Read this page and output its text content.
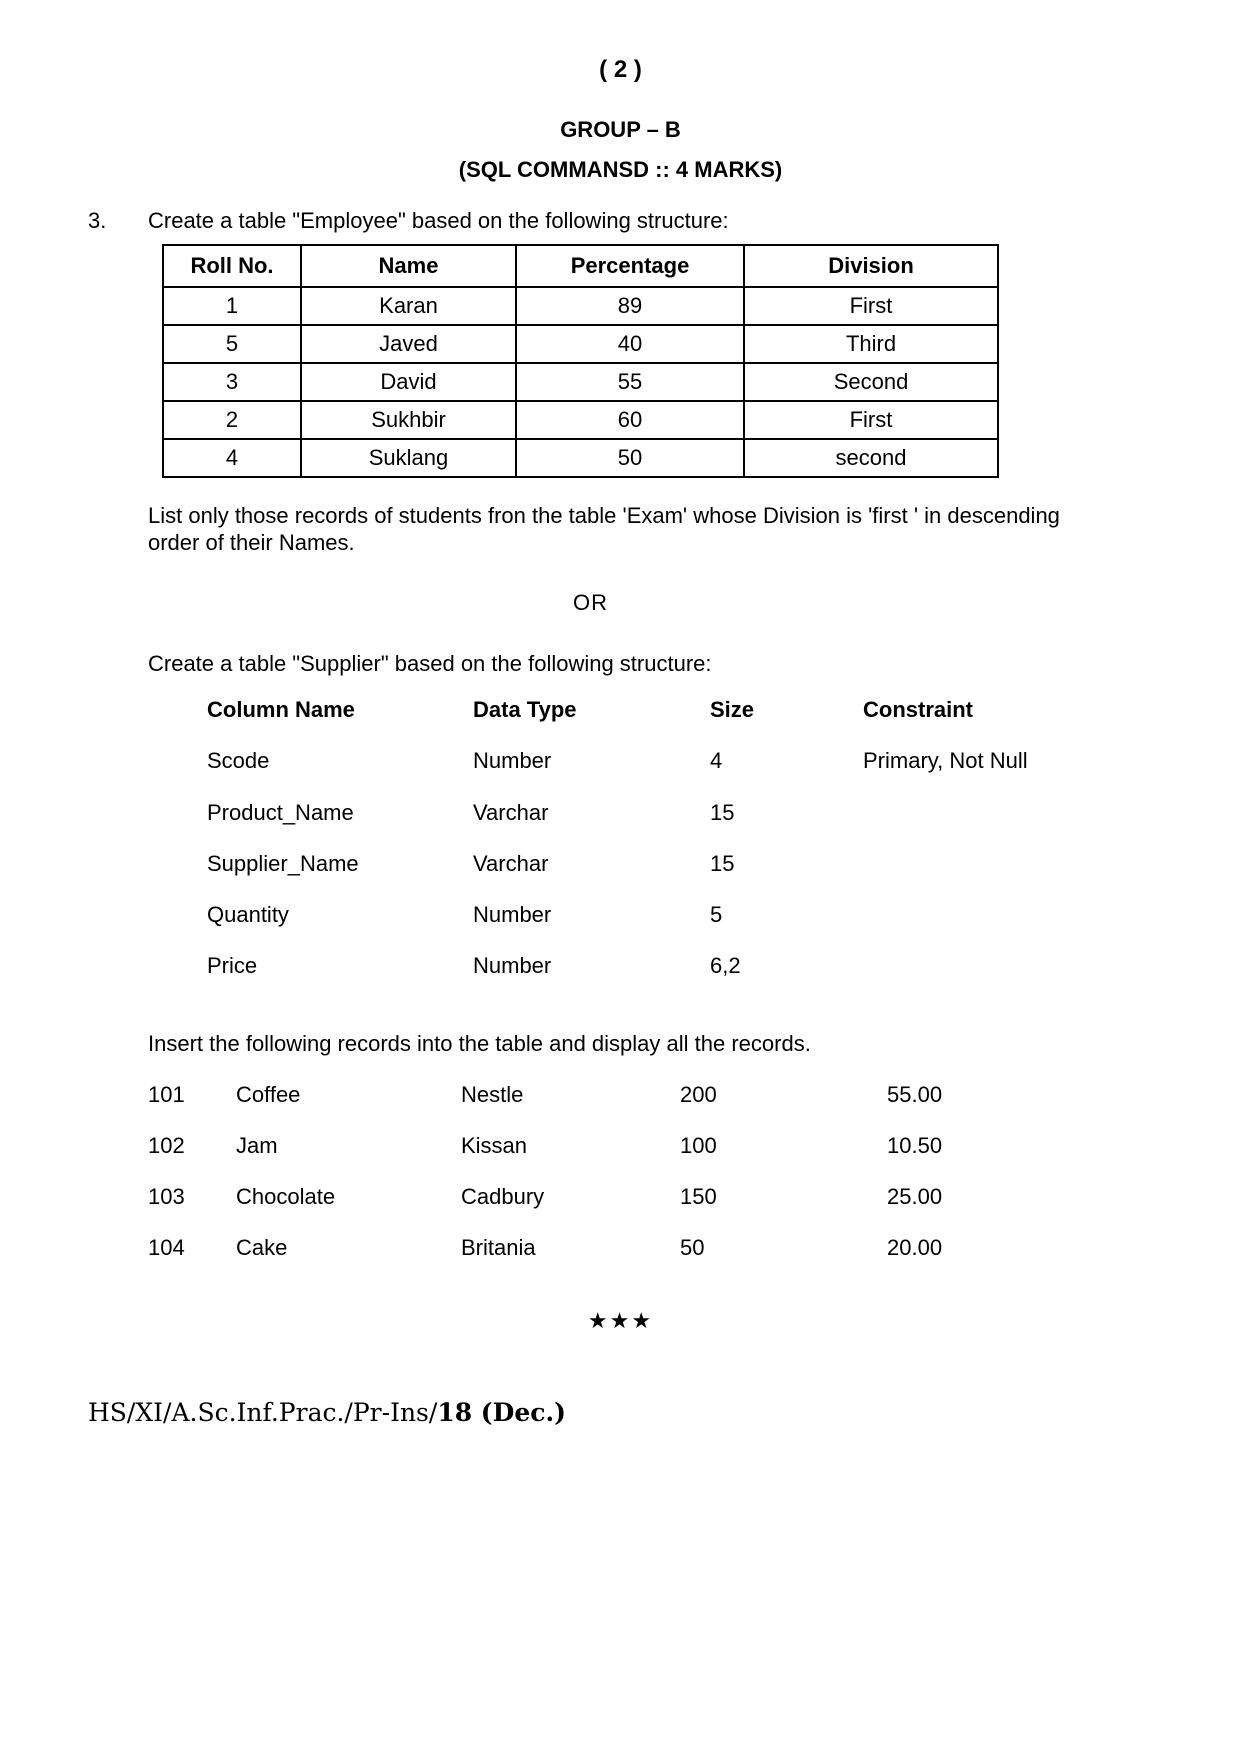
( 2 )
GROUP – B
(SQL COMMANSD :: 4 MARKS)
3. Create a table "Employee" based on the following structure:
Roll No.	Name	Percentage	Division
1	Karan	89	First
5	Javed	40	Third
3	David	55	Second
2	Sukhbir	60	First
4	Suklang	50	second
List only those records of students fron the table 'Exam' whose Division is 'first ' in descending order of their Names.
OR
Create a table "Supplier" based on the following structure:
Column Name	Data Type	Size	Constraint
Scode	Number	4	Primary, Not Null
Product_Name	Varchar	15
Supplier_Name	Varchar	15
Quantity	Number	5
Price	Number	6,2
Insert the following records into the table and display all the records.
101 Coffee	Nestle	200	55.00
102 Jam	Kissan	100	10.50
103 Chocolate	Cadbury	150	25.00
104 Cake	Britania	50	20.00
★★★
HS/XI/A.Sc.Inf.Prac./Pr-Ins/18 (Dec.)
